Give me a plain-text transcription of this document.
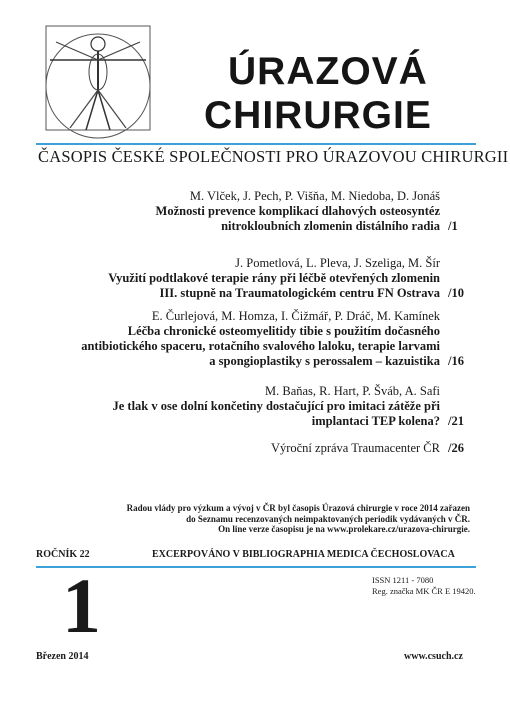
ÚRAZOVÁ
CHIRURGIE
ČASOPIS ČESKÉ SPOLEČNOSTI PRO ÚRAZOVOU CHIRURGII
M. Vlček, J. Pech, P. Višňa, M. Niedoba, D. Jonáš
Možnosti prevence komplikací dlahových osteosyntéz
nitrokloubních zlomenin distálního radia /1
J. Pometlová, L. Pleva, J. Szeliga, M. Šír
Využití podtlakové terapie rány při léčbě otevřených zlomenin
III. stupně na Traumatologickém centru FN Ostrava /10
E. Čurlejová, M. Homza, I. Čižmář, P. Dráč, M. Kamínek
Léčba chronické osteomyelitidy tibie s použitím dočasného
antibiotického spaceru, rotačního svalového laloku, terapie larvami
a spongioplastiky s perossalem – kazuistika /16
M. Baňas, R. Hart, P. Šváb, A. Safi
Je tlak v ose dolní končetiny dostačující pro imitaci zátěže při
implantaci TEP kolena? /21
Výroční zpráva Traumacenter ČR /26
Radou vlády pro výzkum a vývoj v ČR byl časopis Úrazová chirurgie v roce 2014 zařazen
do Seznamu recenzovaných neimpaktovaných periodik vydávaných v ČR.
On line verze časopisu je na www.prolekare.cz/urazova-chirurgie.
ROČNÍK 22	EXCERPOVÁNO V BIBLIOGRAPHIA MEDICA ČECHOSLOVACA
1	ISSN 1211 - 7080
Reg. značka MK ČR E 19420.
Březen 2014	www.csuch.cz
